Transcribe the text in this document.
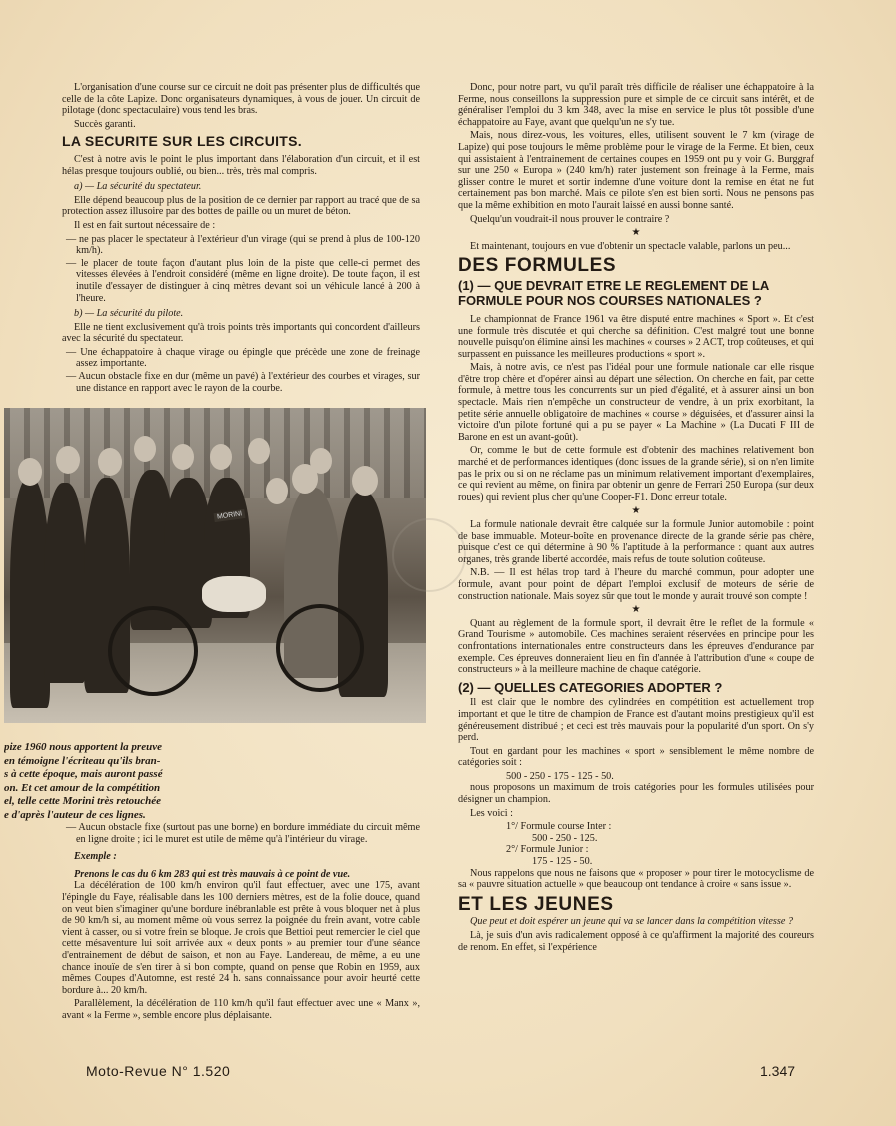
L'organisation d'une course sur ce circuit ne doit pas présenter plus de difficultés que celle de la côte Lapize. Donc organisateurs dynamiques, à vous de jouer. Un circuit de pilotage (donc spectaculaire) vous tend les bras.

Succès garanti.

LA SECURITE SUR LES CIRCUITS.

C'est à notre avis le point le plus important dans l'élaboration d'un circuit, et il est hélas presque toujours oublié, ou bien... très, très mal compris.

a) — La sécurité du spectateur.

Elle dépend beaucoup plus de la position de ce dernier par rapport au tracé que de sa protection assez illusoire par des bottes de paille ou un muret de béton.

Il est en fait surtout nécessaire de :

— ne pas placer le spectateur à l'extérieur d'un virage (qui se prend à plus de 100-120 km/h).
— le placer de toute façon d'autant plus loin de la piste que celle-ci permet des vitesses élevées à l'endroit considéré (même en ligne droite). De toute façon, il est inutile d'essayer de distinguer à cinq mètres devant soi un véhicule lancé à 200 à l'heure.
b) — La sécurité du pilote.

Elle ne tient exclusivement qu'à trois points très importants qui concordent d'ailleurs avec la sécurité du spectateur.

— Une échappatoire à chaque virage ou épingle que précède une zone de freinage assez importante.
— Aucun obstacle fixe en dur (même un pavé) à l'extérieur des courbes et virages, sur une distance en rapport avec le rayon de la courbe.
MORINI
pize 1960 nous apportent la preuve
en témoigne l'écriteau qu'ils bran-
s à cette époque, mais auront passé
on. Et cet amour de la compétition
el, telle cette Morini très retouchée
e d'après l'auteur de ces lignes.
— Aucun obstacle fixe (surtout pas une borne) en bordure immédiate du circuit même en ligne droite ; ici le muret est utile de même qu'à l'intérieur du virage.

Exemple :

Prenons le cas du 6 km 283 qui est très mauvais à ce point de vue.

La décélération de 100 km/h environ qu'il faut effectuer, avec une 175, avant l'épingle du Faye, réalisable dans les 100 derniers mètres, est de la folie douce, quand on veut bien s'imaginer qu'une bordure inébranlable est prête à vous bloquer net à plus de 90 km/h si, au moment même où vous serrez la poignée du frein avant, votre cable vient à casser, ou si votre frein se bloque. Je crois que Bettioi peut remercier le ciel que cette mésaventure lui soit arrivée aux « deux ponts » au premier tour d'une séance d'entrainement de début de saison, et non au Faye. Landereau, de même, a eu une chance inouïe de s'en tirer à si bon compte, quand on pense que Robin en 1959, aux mêmes Coupes d'Automne, est resté 24 h. sans connaissance pour avoir heurté cette bordure à... 20 km/h.

Parallèlement, la décélération de 110 km/h qu'il faut effectuer avec une « Manx », avant « la Ferme », semble encore plus déplaisante.

Donc, pour notre part, vu qu'il paraît très difficile de réaliser une échappatoire à la Ferme, nous conseillons la suppression pure et simple de ce circuit sans intérêt, et de généraliser l'emploi du 3 km 348, avec la mise en service le plus tôt possible d'une échappatoire au Faye, avant que quelqu'un ne s'y tue.

Mais, nous direz-vous, les voitures, elles, utilisent souvent le 7 km (virage de Lapize) qui pose toujours le même problème pour le virage de la Ferme. Et bien, ceux qui assistaient à l'entrainement de certaines coupes en 1959 ont pu y voir G. Burggraf sur une 250 « Europa » (240 km/h) rater justement son freinage à la Ferme, mais glisser contre le muret et sortir indemne d'une voiture dont la remise en état ne fut certainement pas bon marché. Mais ce pilote s'en est bien sorti. Nous ne pensons pas que la même exhibition en moto l'aurait laissé en aussi bonne santé.

Quelqu'un voudrait-il nous prouver le contraire ?

★

Et maintenant, toujours en vue d'obtenir un spectacle valable, parlons un peu...

DES FORMULES
(1) — QUE DEVRAIT ETRE LE REGLEMENT DE LA FORMULE POUR NOS COURSES NATIONALES ?

Le championnat de France 1961 va être disputé entre machines « Sport ». Et c'est une formule très discutée et qui cherche sa définition. C'est malgré tout une bonne nouvelle puisqu'on élimine ainsi les machines « courses » 2 ACT, trop coûteuses, et qui surpassent en puissance les meilleures productions « sport ».

Mais, à notre avis, ce n'est pas l'idéal pour une formule nationale car elle risque d'être trop chère et d'opérer ainsi au départ une sélection. On cherche en fait, par cette formule, à mettre tous les concurrents sur un pied d'égalité, et à assurer ainsi un bon spectacle. Mais rien n'empêche un constructeur de vendre, à un prix exorbitant, la petite série annuelle obligatoire de machines « course » déguisées, et d'assurer ainsi la victoire d'un pilote fortuné qui a pu se payer « La Machine » (La Ducati F III de Barone en est un avant-goût).

Or, comme le but de cette formule est d'obtenir des machines relativement bon marché et de performances identiques (donc issues de la grande série), si on n'en limite pas le prix ou si on ne réclame pas un minimum relativement important d'exemplaires, ce qui revient au même, on finira par obtenir un genre de Ferrari 250 Europa (sur deux roues) qui revient plus cher qu'une Cooper-F1. Donc erreur totale.

★

La formule nationale devrait être calquée sur la formule Junior automobile : point de base immuable. Moteur-boîte en provenance directe de la grande série pas chère, puisque c'est ce qui détermine à 90 % l'aptitude à la performance : quant aux autres organes, très grande liberté accordée, mais refus de toute solution coûteuse.

N.B. — Il est hélas trop tard à l'heure du marché commun, pour adopter une formule, avant pour point de départ l'emploi exclusif de moteurs de série de construction nationale. Mais soyez sûr que tout le monde y aurait trouvé son compte !

★

Quant au règlement de la formule sport, il devrait être le reflet de la formule « Grand Tourisme » automobile. Ces machines seraient réservées en principe pour les confrontations internationales entre constructeurs dans les épreuves d'endurance par exemple. Ces épreuves donneraient lieu en fin d'année à l'attribution d'une « coupe de constructeurs » à la meilleure machine de chaque catégorie.

(2) — QUELLES CATEGORIES ADOPTER ?

Il est clair que le nombre des cylindrées en compétition est actuellement trop important et que le titre de champion de France est d'autant moins prestigieux qu'il est généreusement distribué ; et ceci est très mauvais pour la popularité d'un sport. On s'y perd.

Tout en gardant pour les machines « sport » sensiblement le même nombre de catégories soit :

500 - 250 - 175 - 125 - 50.

nous proposons un maximum de trois catégories pour les formules utilisées pour désigner un champion.

Les voici :

1°/ Formule course Inter :

500 - 250 - 125.

2°/ Formule Junior :

175 - 125 - 50.

Nous rappelons que nous ne faisons que « proposer » pour tirer le motocyclisme de sa « pauvre situation actuelle » que beaucoup ont tendance à croire « sans issue ».

ET LES JEUNES

Que peut et doit espérer un jeune qui va se lancer dans la compétition vitesse ?

Là, je suis d'un avis radicalement opposé à ce qu'affirment la majorité des coureurs de renom. En effet, si l'expérience

Moto-Revue N° 1.520	1.347
